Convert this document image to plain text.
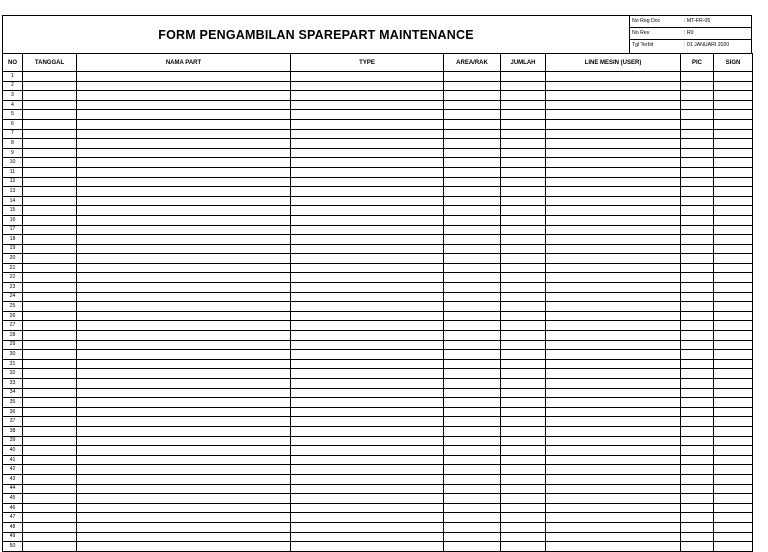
FORM PENGAMBILAN SPAREPART MAINTENANCE
No Reg Doc	: MT-FR-05
No Rev	: R0
Tgl Terbit	: 01 JANUARI 2020
NO	TANGGAL	NAMA PART	TYPE	AREA/RAK	JUMLAH	LINE MESIN (USER)	PIC	SIGN
1								
2								
3								
4								
5								
6								
7								
8								
9								
10								
11								
12								
13								
14								
15								
16								
17								
18								
19								
20								
21								
22								
23								
24								
25								
26								
27								
28								
29								
30								
31								
32								
33								
34								
35								
36								
37								
38								
39								
40								
41								
42								
43								
44								
45								
46								
47								
48								
49								
50								
